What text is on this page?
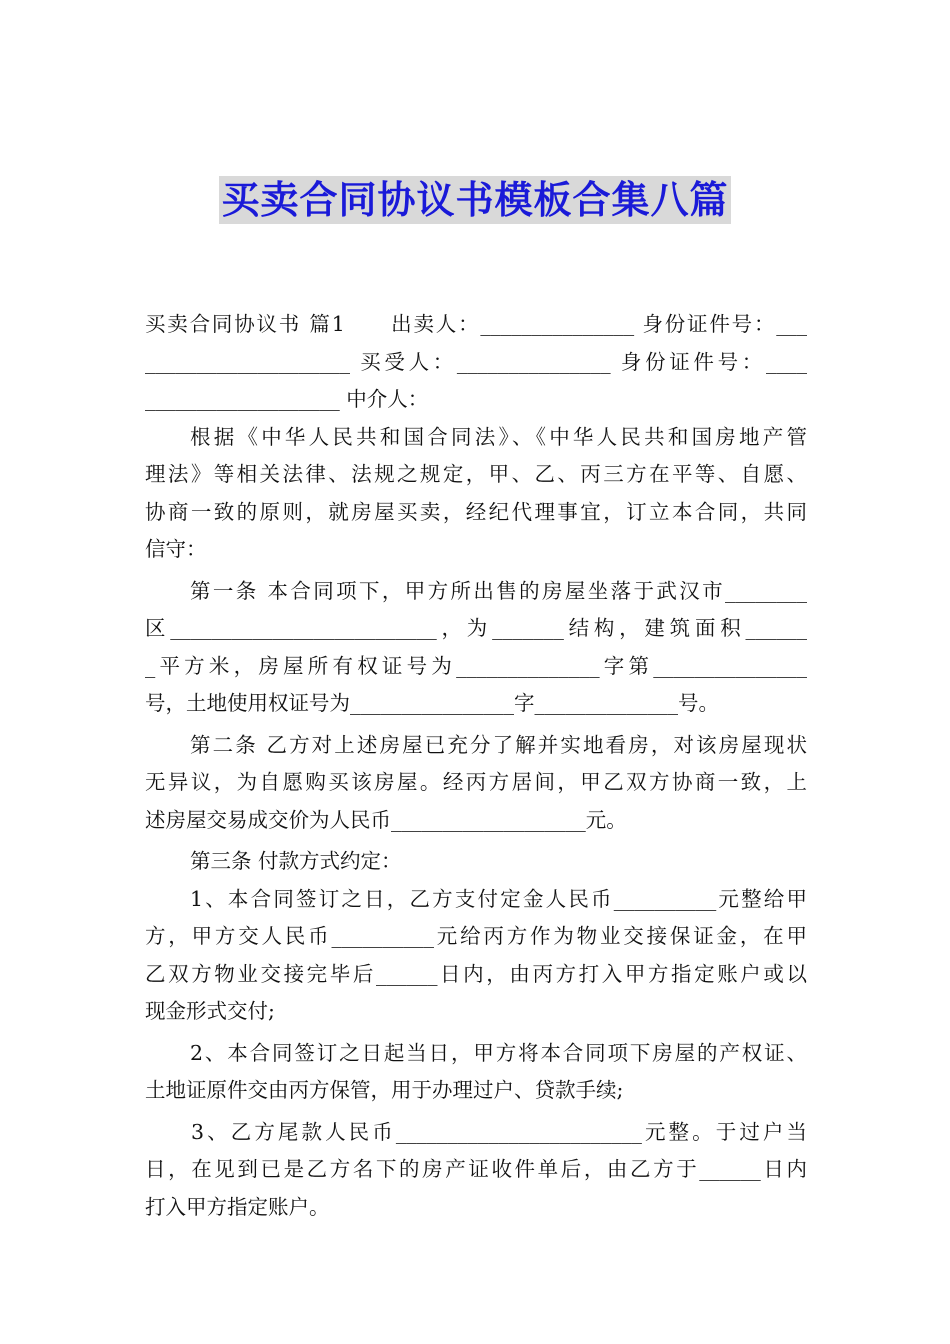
买卖合同协议书模板合集八篇
买卖合同协议书 篇1　　出卖人：_______________ 身份证件号：___
____________________ 买受人：_______________ 身份证件号：____
___________________ 中介人：
根据《中华人民共和国合同法》、《中华人民共和国房地产管
理法》等相关法律、法规之规定，甲、乙、丙三方在平等、自愿、
协商一致的原则，就房屋买卖，经纪代理事宜，订立本合同，共同
信守：
第一条 本合同项下，甲方所出售的房屋坐落于武汉市________
区__________________________，为_______结构，建筑面积______
_平方米，房屋所有权证号为______________字第_______________
号，土地使用权证号为________________字______________号。
第二条 乙方对上述房屋已充分了解并实地看房，对该房屋现状
无异议，为自愿购买该房屋。经丙方居间，甲乙双方协商一致，上
述房屋交易成交价为人民币___________________元。
第三条 付款方式约定：
1、本合同签订之日，乙方支付定金人民币__________元整给甲
方，甲方交人民币__________元给丙方作为物业交接保证金，在甲
乙双方物业交接完毕后______日内，由丙方打入甲方指定账户或以
现金形式交付;
2、本合同签订之日起当日，甲方将本合同项下房屋的产权证、
土地证原件交由丙方保管，用于办理过户、贷款手续;
3、乙方尾款人民币________________________元整。于过户当
日，在见到已是乙方名下的房产证收件单后，由乙方于______日内
打入甲方指定账户。
